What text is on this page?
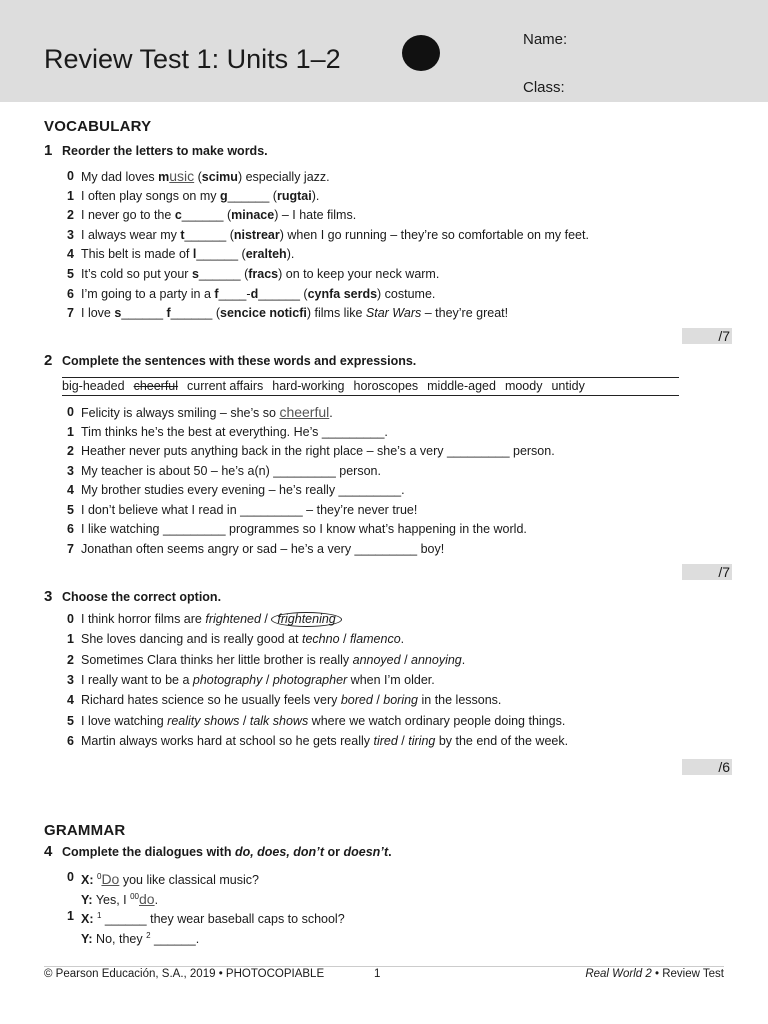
Review Test 1: Units 1–2
Name:
Class:
VOCABULARY
1 Reorder the letters to make words.
0 My dad loves music (scimu) especially jazz.
1 I often play songs on my g______ (rugtai).
2 I never go to the c______ (minace) – I hate films.
3 I always wear my t______ (nistrear) when I go running – they’re so comfortable on my feet.
4 This belt is made of l______ (eralteh).
5 It’s cold so put your s______ (fracs) on to keep your neck warm.
6 I’m going to a party in a f____-d______ (cynfa serds) costume.
7 I love s______ f______ (sencice noticfi) films like Star Wars – they’re great!
/7
2 Complete the sentences with these words and expressions.
big-headed cheerful current affairs hard-working horoscopes middle-aged moody untidy
0 Felicity is always smiling – she’s so cheerful.
1 Tim thinks he’s the best at everything. He’s _________.
2 Heather never puts anything back in the right place – she’s a very _________ person.
3 My teacher is about 50 – he’s a(n) _________ person.
4 My brother studies every evening – he’s really _________.
5 I don’t believe what I read in _________ – they’re never true!
6 I like watching _________ programmes so I know what’s happening in the world.
7 Jonathan often seems angry or sad – he’s a very _________ boy!
/7
3 Choose the correct option.
0 I think horror films are frightened / frightening
1 She loves dancing and is really good at techno / flamenco.
2 Sometimes Clara thinks her little brother is really annoyed / annoying.
3 I really want to be a photography / photographer when I’m older.
4 Richard hates science so he usually feels very bored / boring in the lessons.
5 I love watching reality shows / talk shows where we watch ordinary people doing things.
6 Martin always works hard at school so he gets really tired / tiring by the end of the week.
/6
GRAMMAR
4 Complete the dialogues with do, does, don’t or doesn’t.
0 X: $^0$Do you like classical music?
Y: Yes, I $^{00}$do.
1 X: $^1$ ______ they wear baseball caps to school?
Y: No, they $^2$ ______.
© Pearson Educación, S.A., 2019 • PHOTOCOPIABLE	1	Real World 2 • Review Test
